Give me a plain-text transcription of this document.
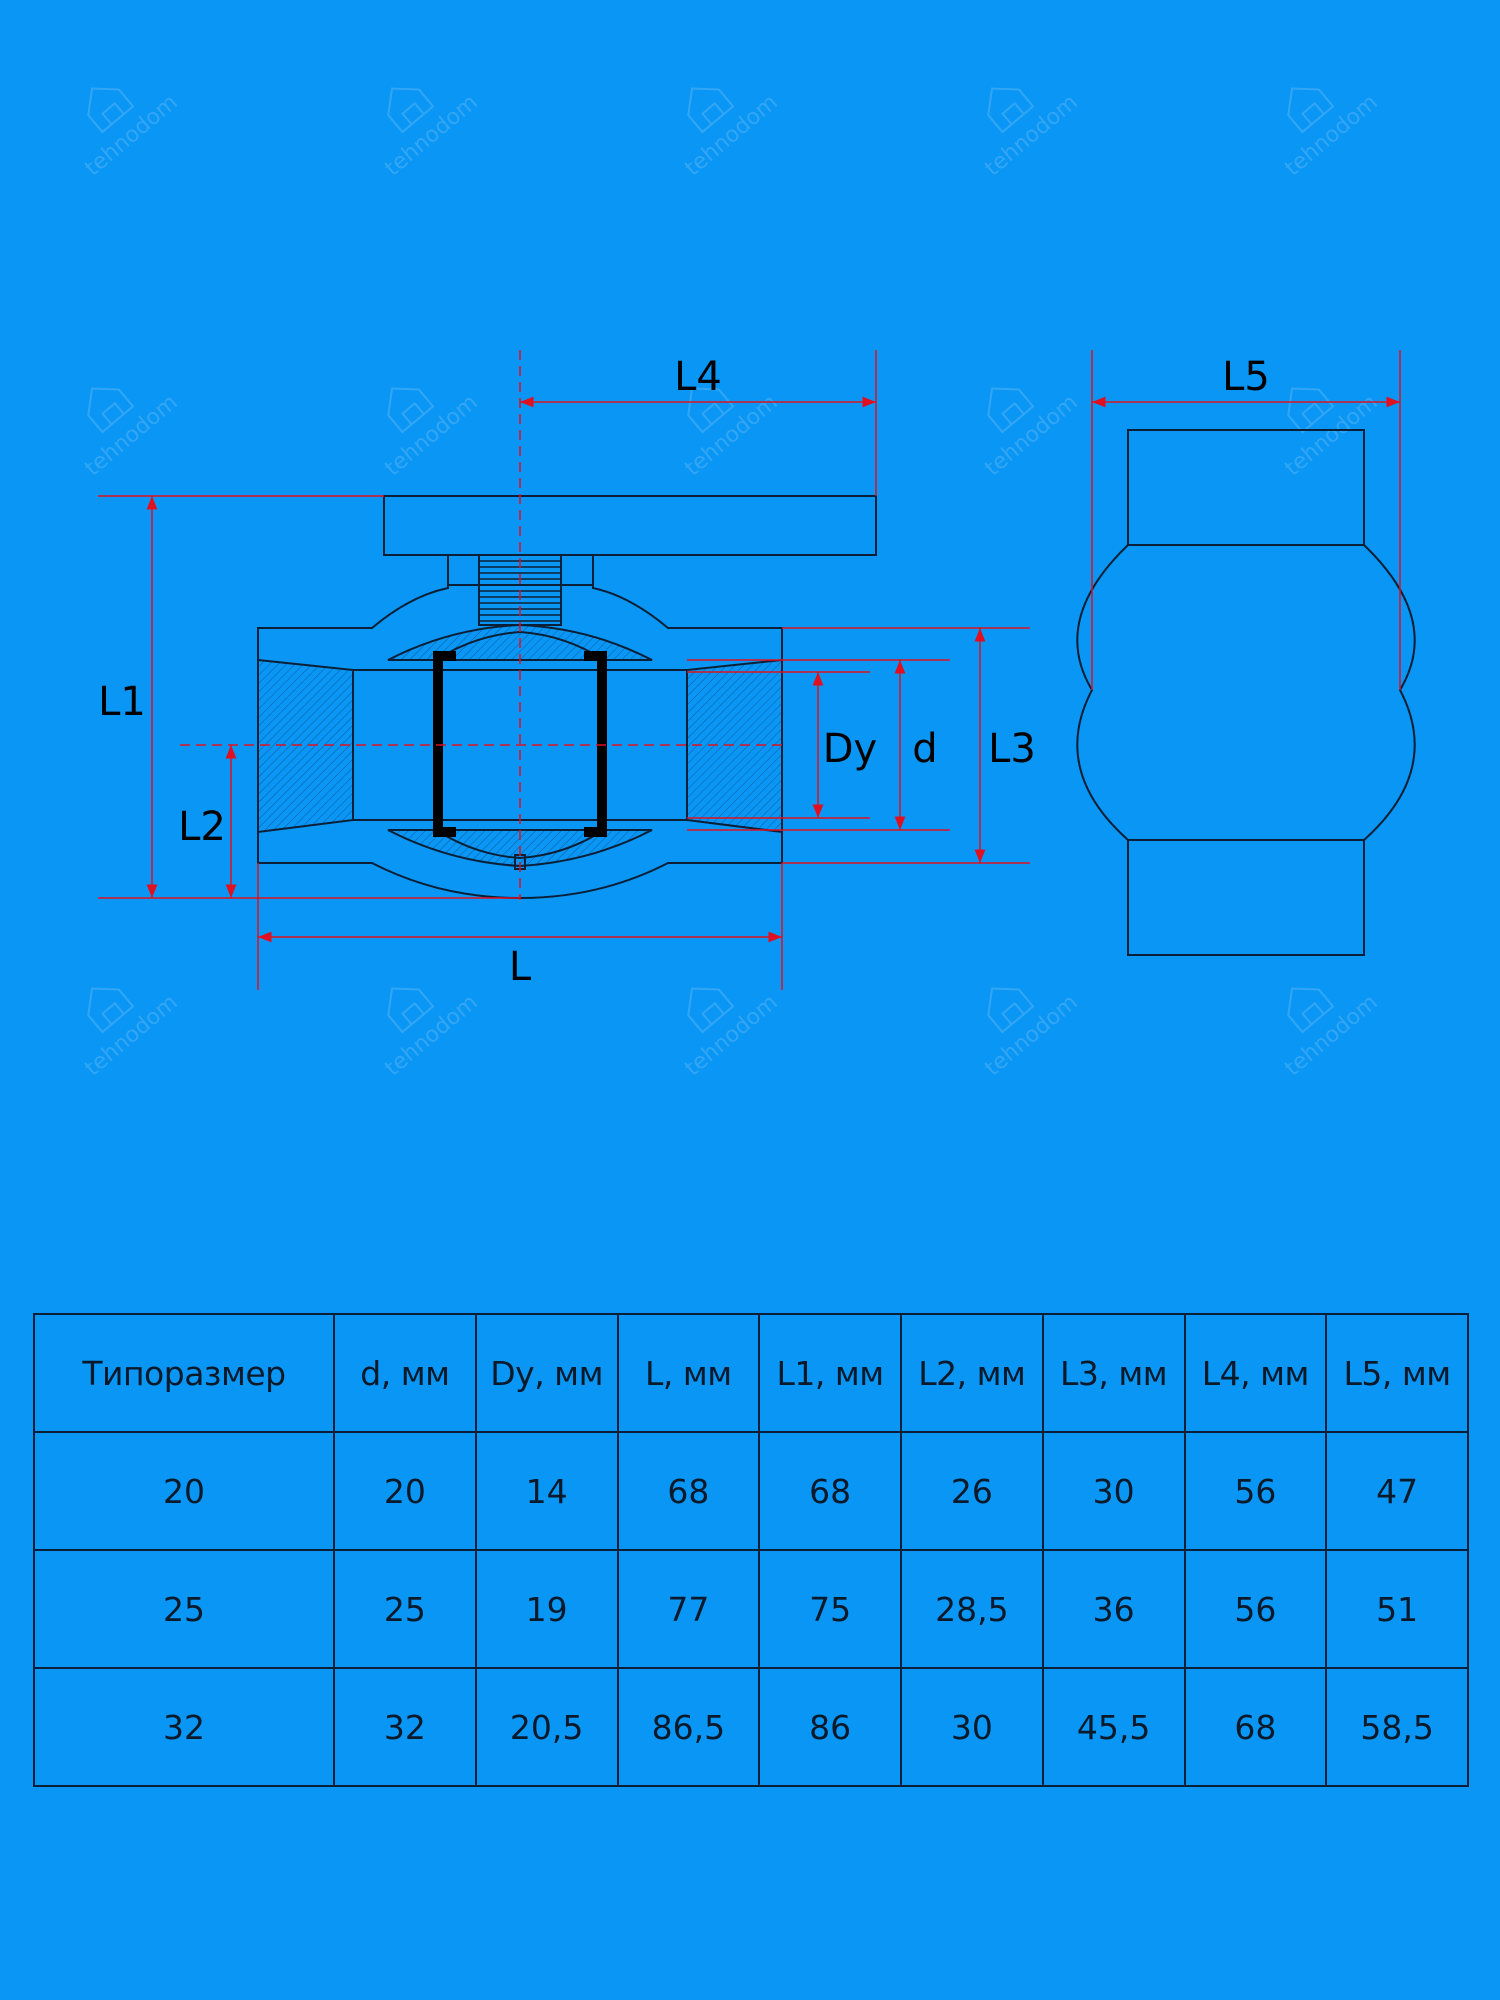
tehnodom
tehnodom
tehnodom
tehnodom
tehnodom
tehnodom
tehnodom
tehnodom
tehnodom
tehnodom
tehnodom
tehnodom
tehnodom
tehnodom
tehnodom
L4	L5
L1
L2
L
Dy d L3
Типоразмер	d, мм	Dy, мм	L, мм	L1, мм	L2, мм	L3, мм	L4, мм	L5, мм
20	20	14	68	68	26	30	56	47
25	25	19	77	75	28,5	36	56	51
32	32	20,5	86,5	86	30	45,5	68	58,5
